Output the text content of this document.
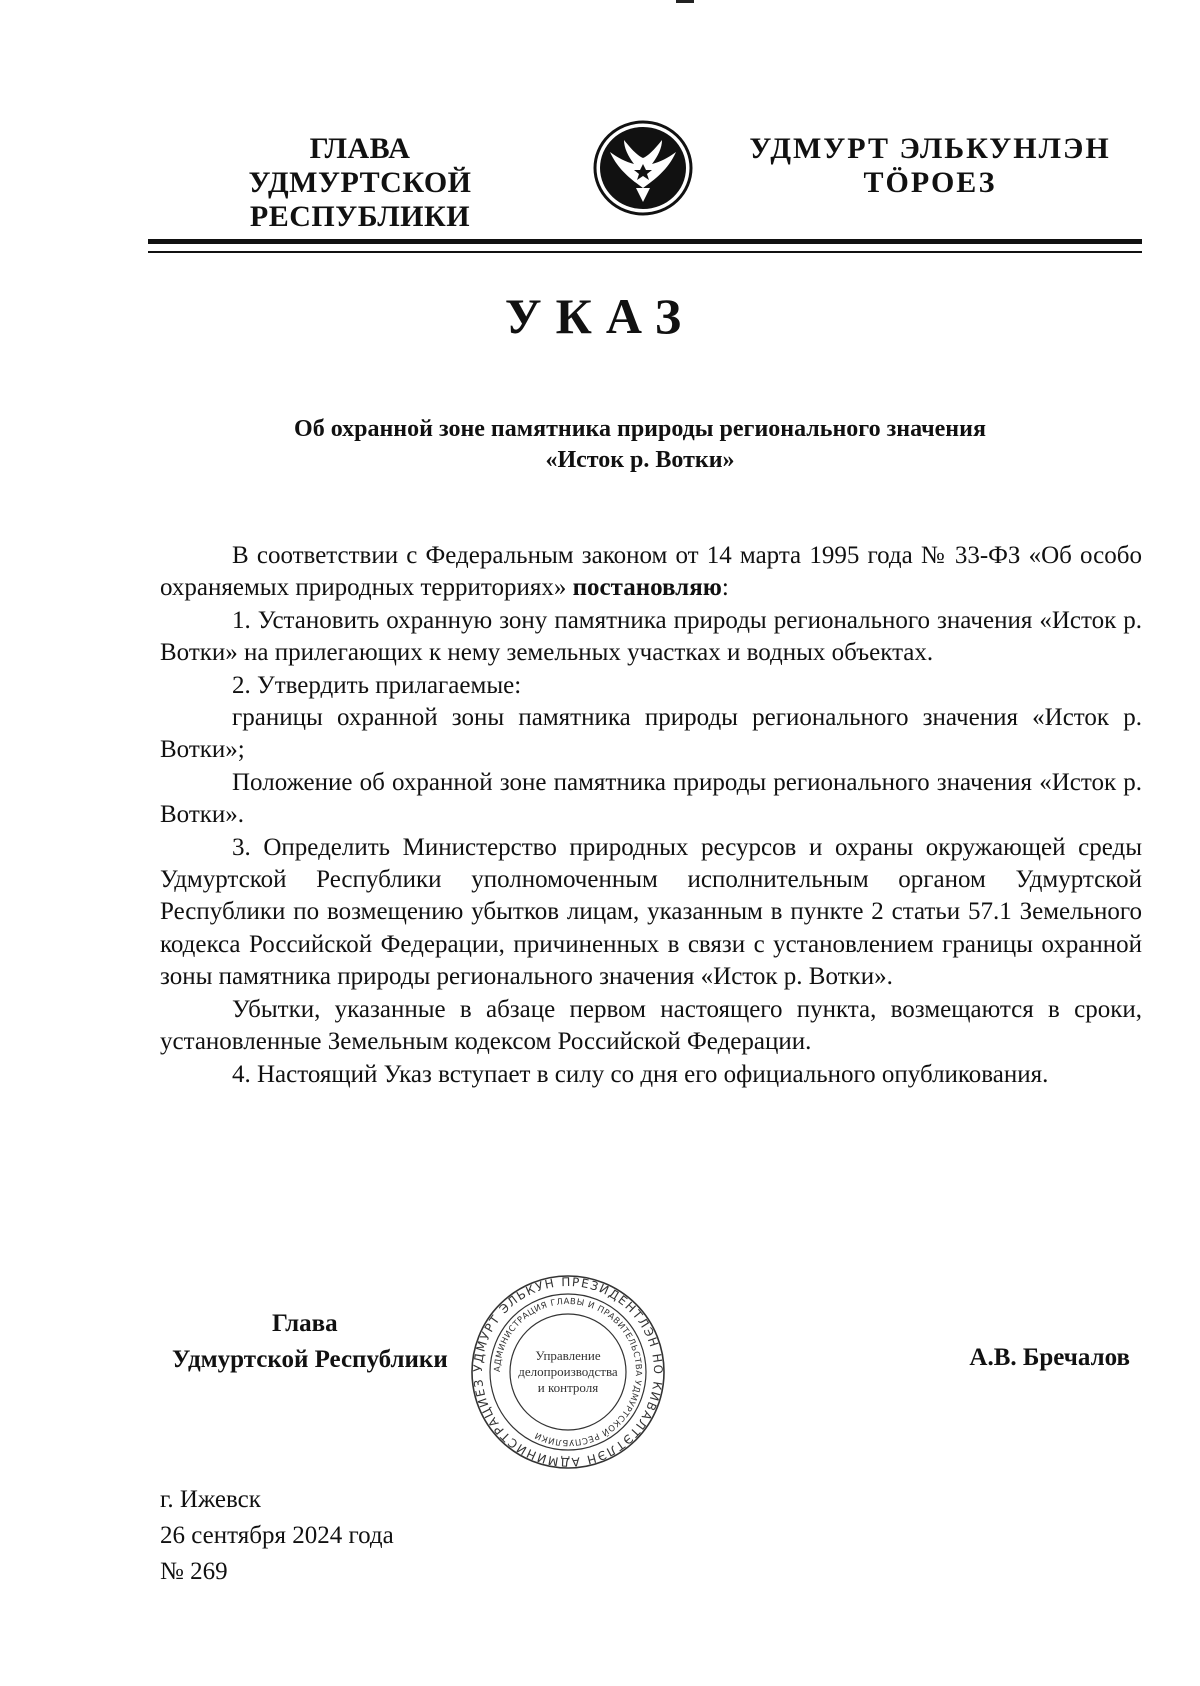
ГЛАВА
УДМУРТСКОЙ РЕСПУБЛИКИ
УДМУРТ ЭЛЬКУНЛЭН
ТӦРОЕЗ
УКАЗ
Об охранной зоне памятника природы регионального значения
«Исток р. Вотки»

В соответствии с Федеральным законом от 14 марта 1995 года № 33-ФЗ «Об особо охраняемых природных территориях» постановляю:

1. Установить охранную зону памятника природы регионального значения «Исток р. Вотки» на прилегающих к нему земельных участках и водных объектах.

2. Утвердить прилагаемые:

границы охранной зоны памятника природы регионального значения «Исток р. Вотки»;

Положение об охранной зоне памятника природы регионального значения «Исток р. Вотки».

3. Определить Министерство природных ресурсов и охраны окружающей среды Удмуртской Республики уполномоченным исполнительным органом Удмуртской Республики по возмещению убытков лицам, указанным в пункте 2 статьи 57.1 Земельного кодекса Российской Федерации, причиненных в связи с установлением границы охранной зоны памятника природы регионального значения «Исток р. Вотки».

Убытки, указанные в абзаце первом настоящего пункта, возмещаются в сроки, установленные Земельным кодексом Российской Федерации.

4. Настоящий Указ вступает в силу со дня его официального опубликования.

Глава
Удмуртской Республики	УДМУРТ ЭЛЬКУН ПРЕЗИДЕНТЛЭН НО КИВАЛТЭТЛЭН АДМИНИСТРАЦИЕЗ
АДМИНИСТРАЦИЯ ГЛАВЫ И ПРАВИТЕЛЬСТВА УДМУРТСКОЙ РЕСПУБЛИКИ
Управление
делопроизводства
и контроля
А.В. Бречалов
г. Ижевск
26 сентября 2024 года
№ 269
